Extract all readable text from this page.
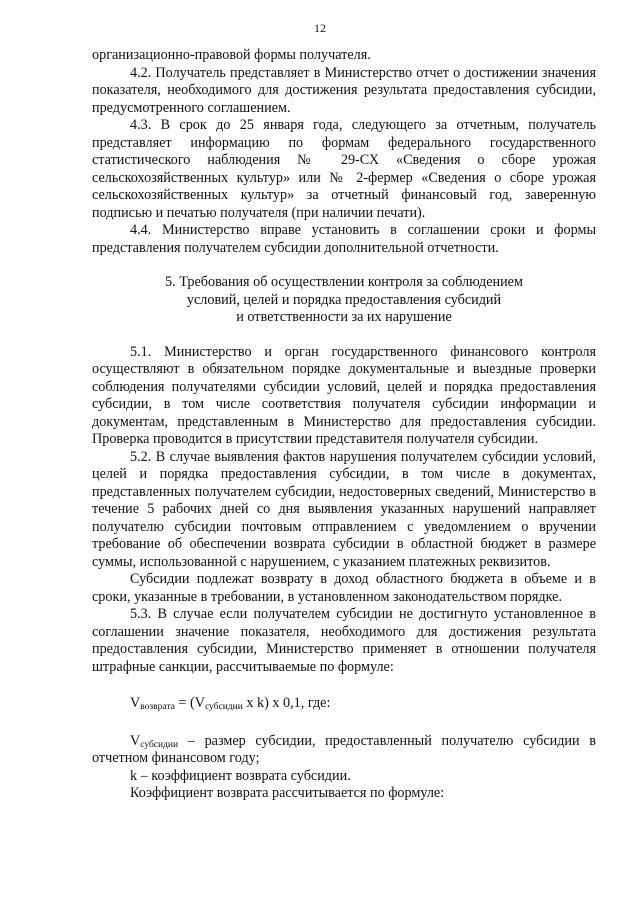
12

организационно-правовой формы получателя.

4.2. Получатель представляет в Министерство отчет о достижении значения показателя, необходимого для достижения результата предоставления субсидии, предусмотренного соглашением.

4.3. В срок до 25 января года, следующего за отчетным, получатель представляет информацию по формам федерального государственного статистического наблюдения № 29-СХ «Сведения о сборе урожая сельскохозяйственных культур» или № 2-фермер «Сведения о сборе урожая сельскохозяйственных культур» за отчетный финансовый год, заверенную подписью и печатью получателя (при наличии печати).

4.4. Министерство вправе установить в соглашении сроки и формы представления получателем субсидии дополнительной отчетности.

5. Требования об осуществлении контроля за соблюдением
условий, целей и порядка предоставления субсидий
и ответственности за их нарушение

5.1. Министерство и орган государственного финансового контроля осуществляют в обязательном порядке документальные и выездные проверки соблюдения получателями субсидии условий, целей и порядка предоставления субсидии, в том числе соответствия получателя субсидии информации и документам, представленным в Министерство для предоставления субсидии. Проверка проводится в присутствии представителя получателя субсидии.

5.2. В случае выявления фактов нарушения получателем субсидии условий, целей и порядка предоставления субсидии, в том числе в документах, представленных получателем субсидии, недостоверных сведений, Министерство в течение 5 рабочих дней со дня выявления указанных нарушений направляет получателю субсидии почтовым отправлением с уведомлением о вручении требование об обеспечении возврата субсидии в областной бюджет в размере суммы, использованной с нарушением, с указанием платежных реквизитов.

Субсидии подлежат возврату в доход областного бюджета в объеме и в сроки, указанные в требовании, в установленном законодательством порядке.

5.3. В случае если получателем субсидии не достигнуто установленное в соглашении значение показателя, необходимого для достижения результата предоставления субсидии, Министерство применяет в отношении получателя штрафные санкции, рассчитываемые по формуле:

$V_{возврата} = (V_{субсидии}$ x k) x 0,1, где:

$V_{субсидии}$ – размер субсидии, предоставленный получателю субсидии в отчетном финансовом году;

k – коэффициент возврата субсидии.

Коэффициент возврата рассчитывается по формуле:
